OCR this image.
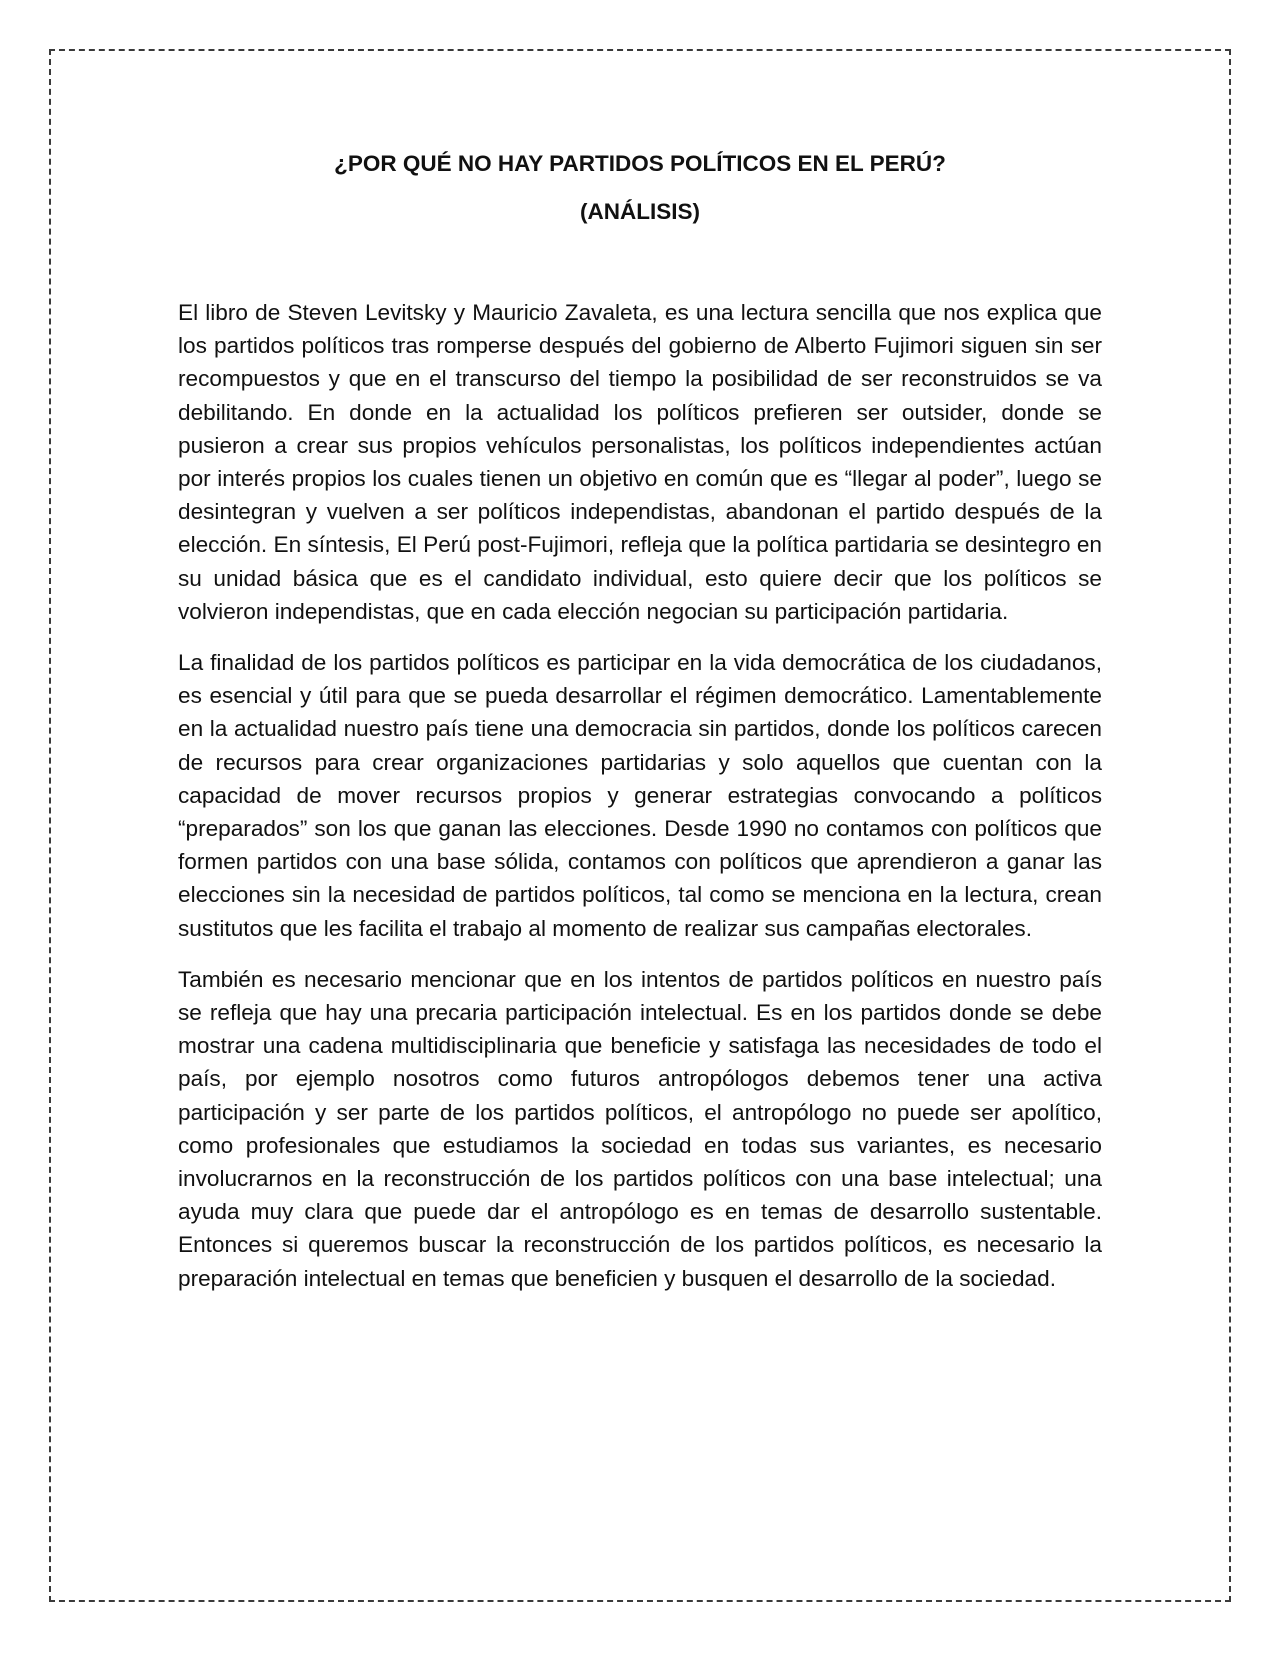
¿POR QUÉ NO HAY PARTIDOS POLÍTICOS EN EL PERÚ?
(ANÁLISIS)

El libro de Steven Levitsky y Mauricio Zavaleta, es una lectura sencilla que nos explica que los partidos políticos tras romperse después del gobierno de Alberto Fujimori siguen sin ser recompuestos y que en el transcurso del tiempo la posibilidad de ser reconstruidos se va debilitando. En donde en la actualidad los políticos prefieren ser outsider, donde se pusieron a crear sus propios vehículos personalistas, los políticos independientes actúan por interés propios los cuales tienen un objetivo en común que es “llegar al poder”, luego se desintegran y vuelven a ser políticos independistas, abandonan el partido después de la elección. En síntesis, El Perú post-Fujimori, refleja que la política partidaria se desintegro en su unidad básica que es el candidato individual, esto quiere decir que los políticos se volvieron independistas, que en cada elección negocian su participación partidaria.

La finalidad de los partidos políticos es participar en la vida democrática de los ciudadanos, es esencial y útil para que se pueda desarrollar el régimen democrático. Lamentablemente en la actualidad nuestro país tiene una democracia sin partidos, donde los políticos carecen de recursos para crear organizaciones partidarias y solo aquellos que cuentan con la capacidad de mover recursos propios y generar estrategias convocando a políticos “preparados” son los que ganan las elecciones. Desde 1990 no contamos con políticos que formen partidos con una base sólida, contamos con políticos que aprendieron a ganar las elecciones sin la necesidad de partidos políticos, tal como se menciona en la lectura, crean sustitutos que les facilita el trabajo al momento de realizar sus campañas electorales.

También es necesario mencionar que en los intentos de partidos políticos en nuestro país se refleja que hay una precaria participación intelectual. Es en los partidos donde se debe mostrar una cadena multidisciplinaria que beneficie y satisfaga las necesidades de todo el país, por ejemplo nosotros como futuros antropólogos debemos tener una activa participación y ser parte de los partidos políticos, el antropólogo no puede ser apolítico, como profesionales que estudiamos la sociedad en todas sus variantes, es necesario involucrarnos en la reconstrucción de los partidos políticos con una base intelectual; una ayuda muy clara que puede dar el antropólogo es en temas de desarrollo sustentable. Entonces si queremos buscar la reconstrucción de los partidos políticos, es necesario la preparación intelectual en temas que beneficien y busquen el desarrollo de la sociedad.
